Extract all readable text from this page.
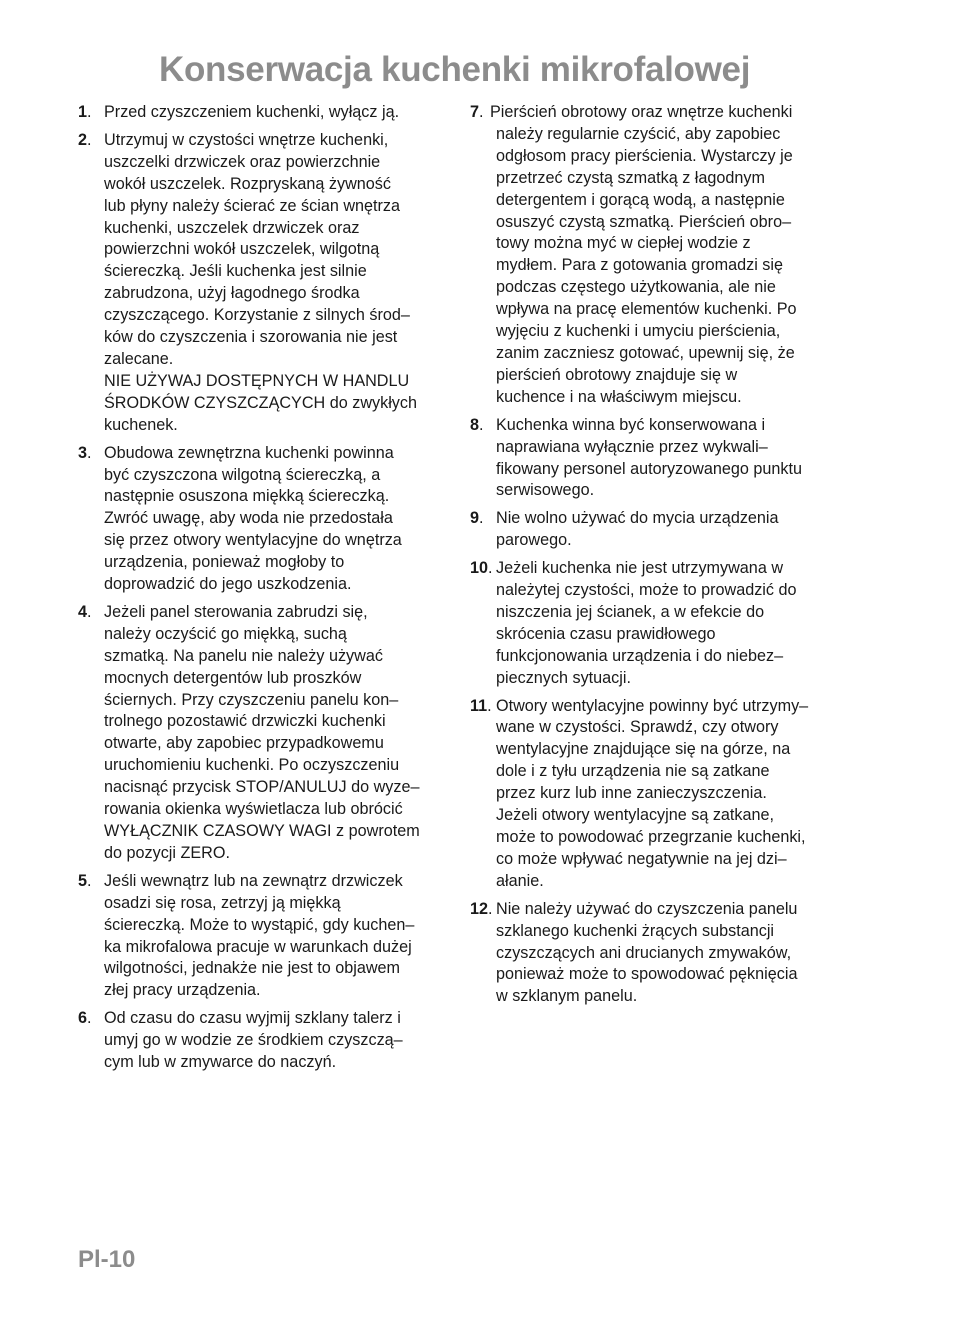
Konserwacja kuchenki mikrofalowej
1. Przed czyszczeniem kuchenki, wyłącz ją.
2. Utrzymuj w czystości wnętrze kuchenki,
uszczelki drzwiczek oraz powierzchnie
wokół uszczelek. Rozpryskaną żywność
lub płyny należy ścierać ze ścian wnętrza
kuchenki, uszczelek drzwiczek oraz
powierzchni wokół uszczelek, wilgotną
ściereczką. Jeśli kuchenka jest silnie
zabrudzona, użyj łagodnego środka
czyszczącego. Korzystanie z silnych środ–
ków do czyszczenia i szorowania nie jest
zalecane.
NIE UŻYWAJ DOSTĘPNYCH W HANDLU
ŚRODKÓW CZYSZCZĄCYCH do zwykłych
kuchenek.
3. Obudowa zewnętrzna kuchenki powinna
być czyszczona wilgotną ściereczką, a
następnie osuszona miękką ściereczką.
Zwróć uwagę, aby woda nie przedostała
się przez otwory wentylacyjne do wnętrza
urządzenia, ponieważ mogłoby to
doprowadzić do jego uszkodzenia.
4. Jeżeli panel sterowania zabrudzi się,
należy oczyścić go miękką, suchą
szmatką. Na panelu nie należy używać
mocnych detergentów lub proszków
ściernych. Przy czyszczeniu panelu kon–
trolnego pozostawić drzwiczki kuchenki
otwarte, aby zapobiec przypadkowemu
uruchomieniu kuchenki. Po oczyszczeniu
nacisnąć przycisk STOP/ANULUJ do wyze–
rowania okienka wyświetlacza lub obrócić
WYŁĄCZNIK CZASOWY WAGI z powrotem
do pozycji ZERO.
5. Jeśli wewnątrz lub na zewnątrz drzwiczek
osadzi się rosa, zetrzyj ją miękką
ściereczką. Może to wystąpić, gdy kuchen–
ka mikrofalowa pracuje w warunkach dużej
wilgotności, jednakże nie jest to objawem
złej pracy urządzenia.
6. Od czasu do czasu wyjmij szklany talerz i
umyj go w wodzie ze środkiem czyszczą–
cym lub w zmywarce do naczyń.
7. Pierścień obrotowy oraz wnętrze kuchenki
należy regularnie czyścić, aby zapobiec
odgłosom pracy pierścienia. Wystarczy je
przetrzeć czystą szmatką z łagodnym
detergentem i gorącą wodą, a następnie
osuszyć czystą szmatką. Pierścień obro–
towy można myć w ciepłej wodzie z
mydłem. Para z gotowania gromadzi się
podczas częstego użytkowania, ale nie
wpływa na pracę elementów kuchenki. Po
wyjęciu z kuchenki i umyciu pierścienia,
zanim zaczniesz gotować, upewnij się, że
pierścień obrotowy znajduje się w
kuchence i na właściwym miejscu.
8. Kuchenka winna być konserwowana i
naprawiana wyłącznie przez wykwali–
fikowany personel autoryzowanego punktu
serwisowego.
9. Nie wolno używać do mycia urządzenia
parowego.
10. Jeżeli kuchenka nie jest utrzymywana w
należytej czystości, może to prowadzić do
niszczenia jej ścianek, a w efekcie do
skrócenia czasu prawidłowego
funkcjonowania urządzenia i do niebez–
piecznych sytuacji.
11. Otwory wentylacyjne powinny być utrzymy–
wane w czystości. Sprawdź, czy otwory
wentylacyjne znajdujące się na górze, na
dole i z tyłu urządzenia nie są zatkane
przez kurz lub inne zanieczyszczenia.
Jeżeli otwory wentylacyjne są zatkane,
może to powodować przegrzanie kuchenki,
co może wpływać negatywnie na jej dzi–
ałanie.
12. Nie należy używać do czyszczenia panelu
szklanego kuchenki żrących substancji
czyszczących ani drucianych zmywaków,
ponieważ może to spowodować pęknięcia
w szklanym panelu.
Pl-10
